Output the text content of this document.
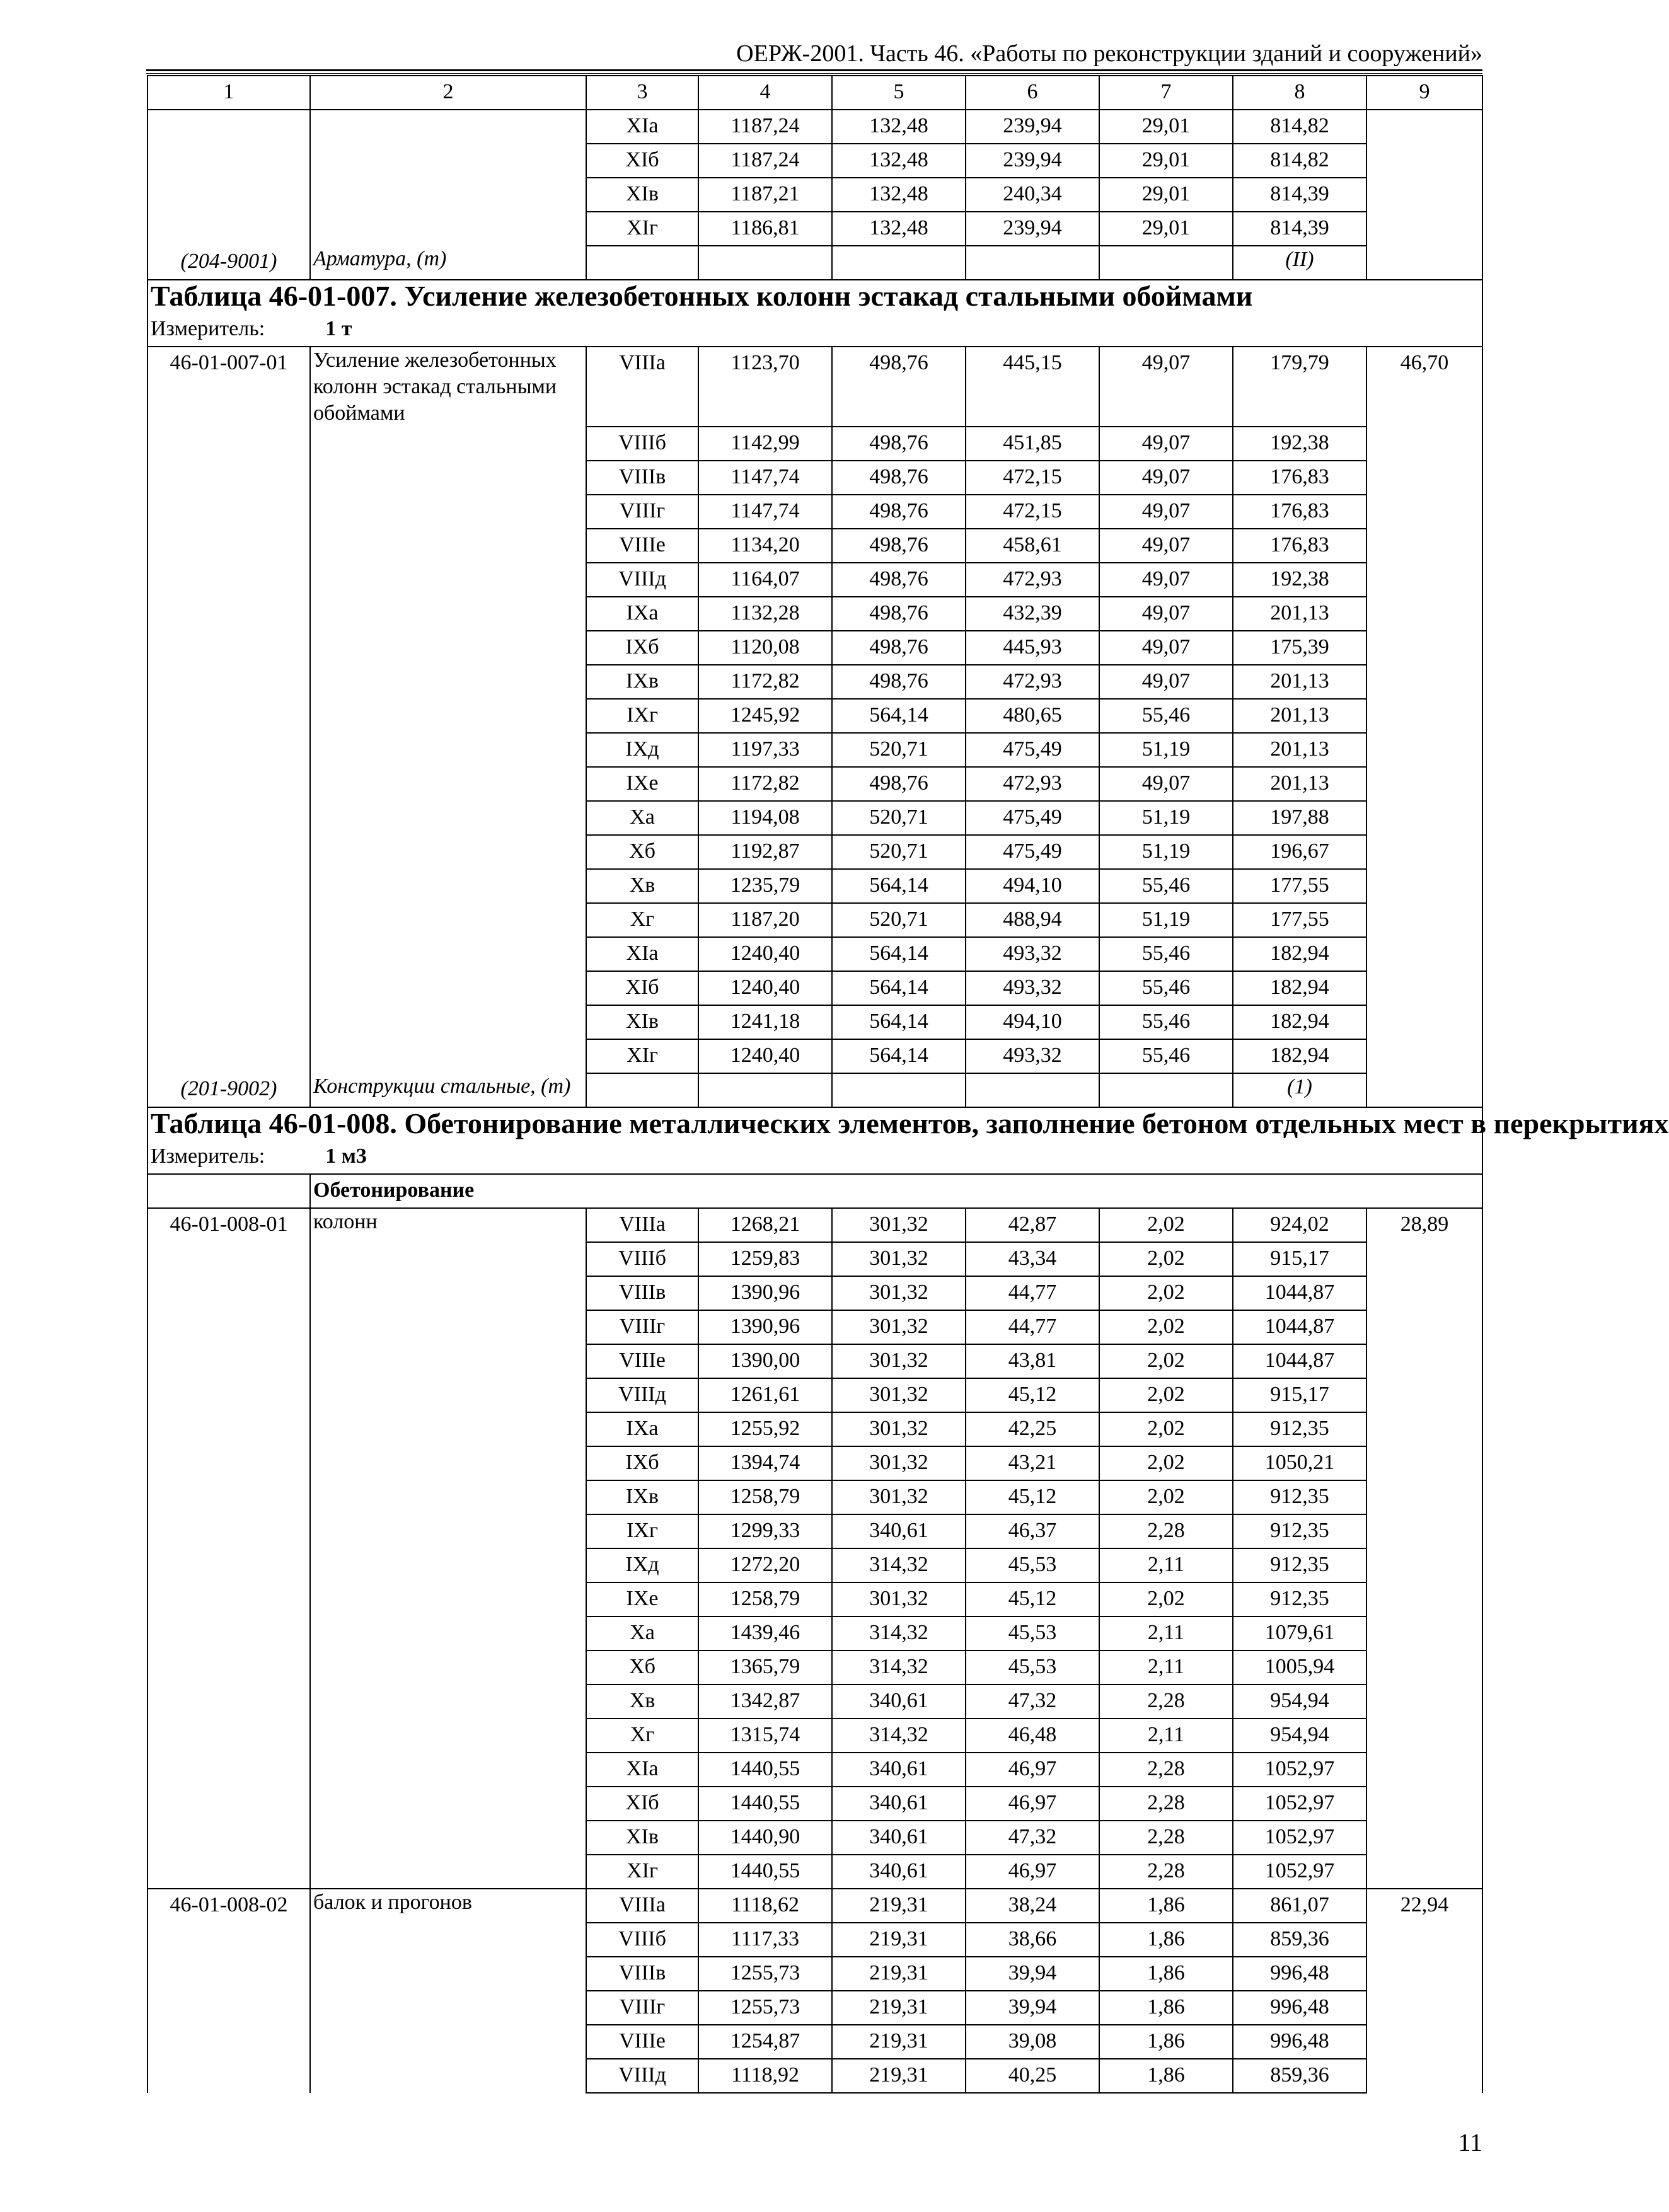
ОЕРЖ-2001. Часть 46. «Работы по реконструкции зданий и сооружений»
1	2	3	4	5	6	7	8	9
		XIа	1187,24	132,48	239,94	29,01	814,82	
		XIб	1187,24	132,48	239,94	29,01	814,82	
		XIв	1187,21	132,48	240,34	29,01	814,39	
		XIг	1186,81	132,48	239,94	29,01	814,39	
(204-9001)	Арматура, (т)						(II)	
Таблица 46-01-007. Усиление железобетонных колонн эстакад стальными обоймами								
Измеритель: 1 т								
46-01-007-01	Усиление железобетонных колонн эстакад стальными обоймами	VIIIа	1123,70	498,76	445,15	49,07	179,79	46,70
		VIIIб	1142,99	498,76	451,85	49,07	192,38	
		VIIIв	1147,74	498,76	472,15	49,07	176,83	
		VIIIг	1147,74	498,76	472,15	49,07	176,83	
		VIIIе	1134,20	498,76	458,61	49,07	176,83	
		VIIIд	1164,07	498,76	472,93	49,07	192,38	
		IXа	1132,28	498,76	432,39	49,07	201,13	
		IXб	1120,08	498,76	445,93	49,07	175,39	
		IXв	1172,82	498,76	472,93	49,07	201,13	
		IXг	1245,92	564,14	480,65	55,46	201,13	
		IXд	1197,33	520,71	475,49	51,19	201,13	
		IXе	1172,82	498,76	472,93	49,07	201,13	
		Xа	1194,08	520,71	475,49	51,19	197,88	
		Xб	1192,87	520,71	475,49	51,19	196,67	
		Xв	1235,79	564,14	494,10	55,46	177,55	
		Xг	1187,20	520,71	488,94	51,19	177,55	
		XIа	1240,40	564,14	493,32	55,46	182,94	
		XIб	1240,40	564,14	493,32	55,46	182,94	
		XIв	1241,18	564,14	494,10	55,46	182,94	
		XIг	1240,40	564,14	493,32	55,46	182,94	
(201-9002)	Конструкции стальные, (т)						(1)	
Таблица 46-01-008. Обетонирование металлических элементов, заполнение бетоном отдельных мест в перекрытиях								
Измеритель: 1 м3								
	Обетонирование							
46-01-008-01	колонн	VIIIа	1268,21	301,32	42,87	2,02	924,02	28,89
		VIIIб	1259,83	301,32	43,34	2,02	915,17	
		VIIIв	1390,96	301,32	44,77	2,02	1044,87	
		VIIIг	1390,96	301,32	44,77	2,02	1044,87	
		VIIIе	1390,00	301,32	43,81	2,02	1044,87	
		VIIIд	1261,61	301,32	45,12	2,02	915,17	
		IXа	1255,92	301,32	42,25	2,02	912,35	
		IXб	1394,74	301,32	43,21	2,02	1050,21	
		IXв	1258,79	301,32	45,12	2,02	912,35	
		IXг	1299,33	340,61	46,37	2,28	912,35	
		IXд	1272,20	314,32	45,53	2,11	912,35	
		IXе	1258,79	301,32	45,12	2,02	912,35	
		Xа	1439,46	314,32	45,53	2,11	1079,61	
		Xб	1365,79	314,32	45,53	2,11	1005,94	
		Xв	1342,87	340,61	47,32	2,28	954,94	
		Xг	1315,74	314,32	46,48	2,11	954,94	
		XIа	1440,55	340,61	46,97	2,28	1052,97	
		XIб	1440,55	340,61	46,97	2,28	1052,97	
		XIв	1440,90	340,61	47,32	2,28	1052,97	
		XIг	1440,55	340,61	46,97	2,28	1052,97	
46-01-008-02	балок и прогонов	VIIIа	1118,62	219,31	38,24	1,86	861,07	22,94
		VIIIб	1117,33	219,31	38,66	1,86	859,36	
		VIIIв	1255,73	219,31	39,94	1,86	996,48	
		VIIIг	1255,73	219,31	39,94	1,86	996,48	
		VIIIе	1254,87	219,31	39,08	1,86	996,48	
		VIIIд	1118,92	219,31	40,25	1,86	859,36	
11
